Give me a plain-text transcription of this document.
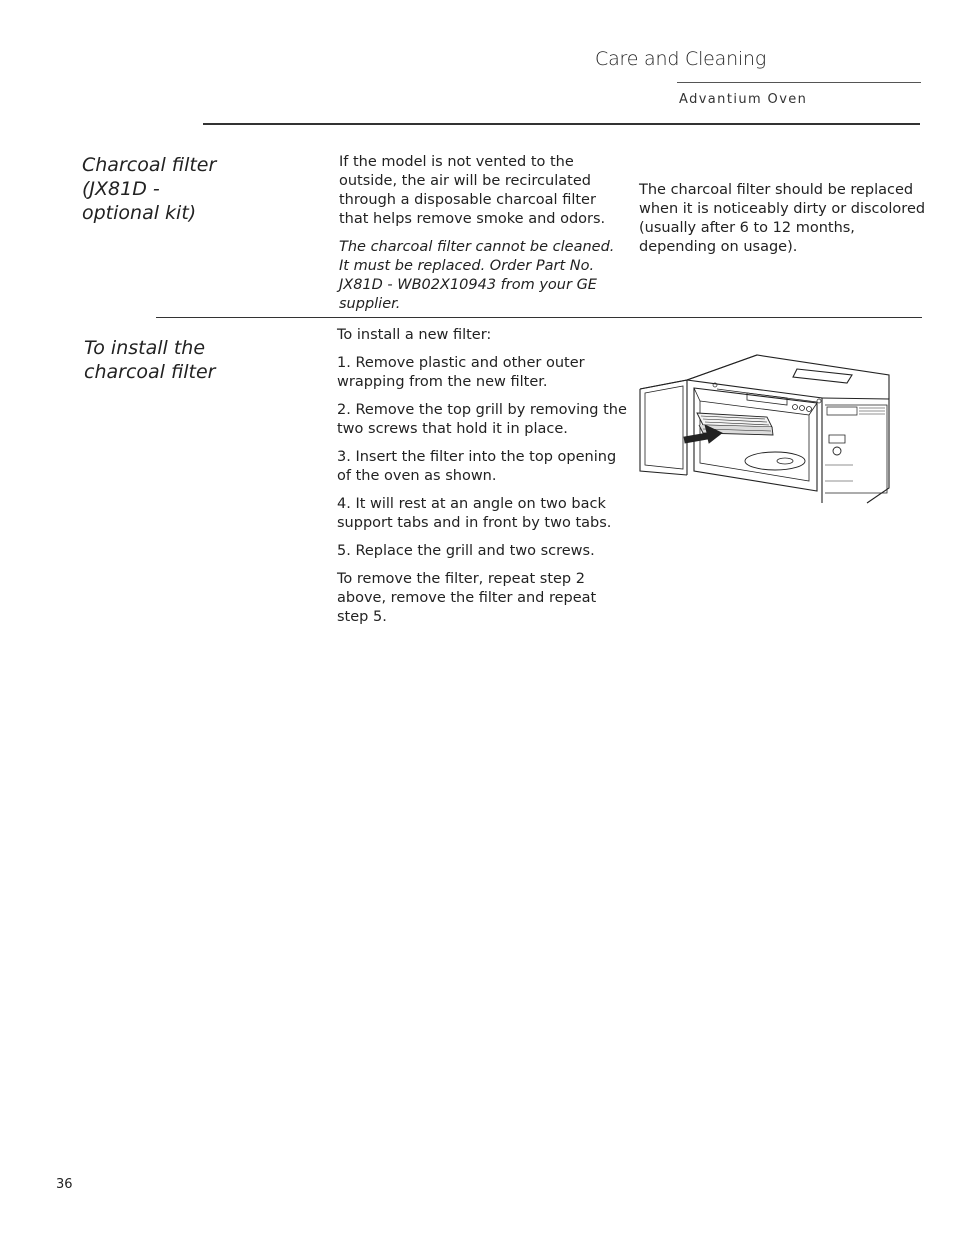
Care and Cleaning
Advantium Oven
Charcoal filter (JX81D - optional kit)

If the model is not vented to the outside, the air will be recirculated through a disposable charcoal filter that helps remove smoke and odors.

The charcoal filter cannot be cleaned. It must be replaced. Order Part No. JX81D - WB02X10943 from your GE supplier.

The charcoal filter should be replaced when it is noticeably dirty or discolored (usually after 6 to 12 months, depending on usage).

To install the charcoal filter

To install a new filter:

1. Remove plastic and other outer wrapping from the new filter.

2. Remove the top grill by removing the two screws that hold it in place.

3. Insert the filter into the top opening of the oven as shown.

4. It will rest at an angle on two back support tabs and in front by two tabs.

5. Replace the grill and two screws.

To remove the filter, repeat step 2 above, remove the filter and repeat step 5.

36
